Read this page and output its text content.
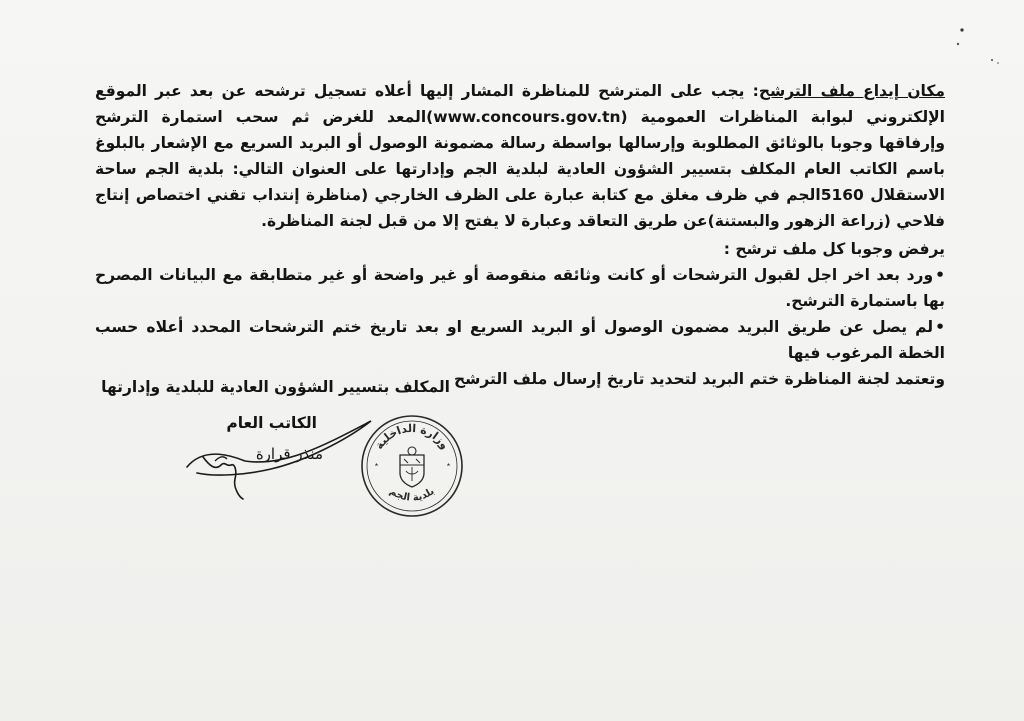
مكان إيداع ملف الترشح: يجب على المترشح للمناظرة المشار إليها أعلاه تسجيل ترشحه عن بعد عبر الموقع الإلكتروني لبوابة المناظرات العمومية (www.concours.gov.tn)المعد للغرض ثم سحب استمارة الترشح وإرفاقها وجوبا بالوثائق المطلوبة وإرسالها بواسطة رسالة مضمونة الوصول أو البريد السريع مع الإشعار بالبلوغ باسم الكاتب العام المكلف بتسيير الشؤون العادية لبلدية الجم وإدارتها على العنوان التالي: بلدية الجم ساحة الاستقلال 5160الجم في ظرف مغلق مع كتابة عبارة على الظرف الخارجي (مناظرة إنتداب تقني اختصاص إنتاج فلاحي (زراعة الزهور والبستنة)عن طريق التعاقد وعبارة لا يفتح إلا من قبل لجنة المناظرة.

يرفض وجوبا كل ملف ترشح :

• ورد بعد اخر اجل لقبول الترشحات أو كانت وثائقه منقوصة أو غير واضحة أو غير متطابقة مع البيانات المصرح بها باستمارة الترشح.

• لم يصل عن طريق البريد مضمون الوصول أو البريد السريع او بعد تاريخ ختم الترشحات المحدد أعلاه حسب الخطة المرغوب فيها

وتعتمد لجنة المناظرة ختم البريد لتحديد تاريخ إرسال ملف الترشح

المكلف بتسيير الشؤون العادية للبلدية وإدارتها
الكاتب العام
منذر قرارة	وزارة الداخلية
بلدية الجم
